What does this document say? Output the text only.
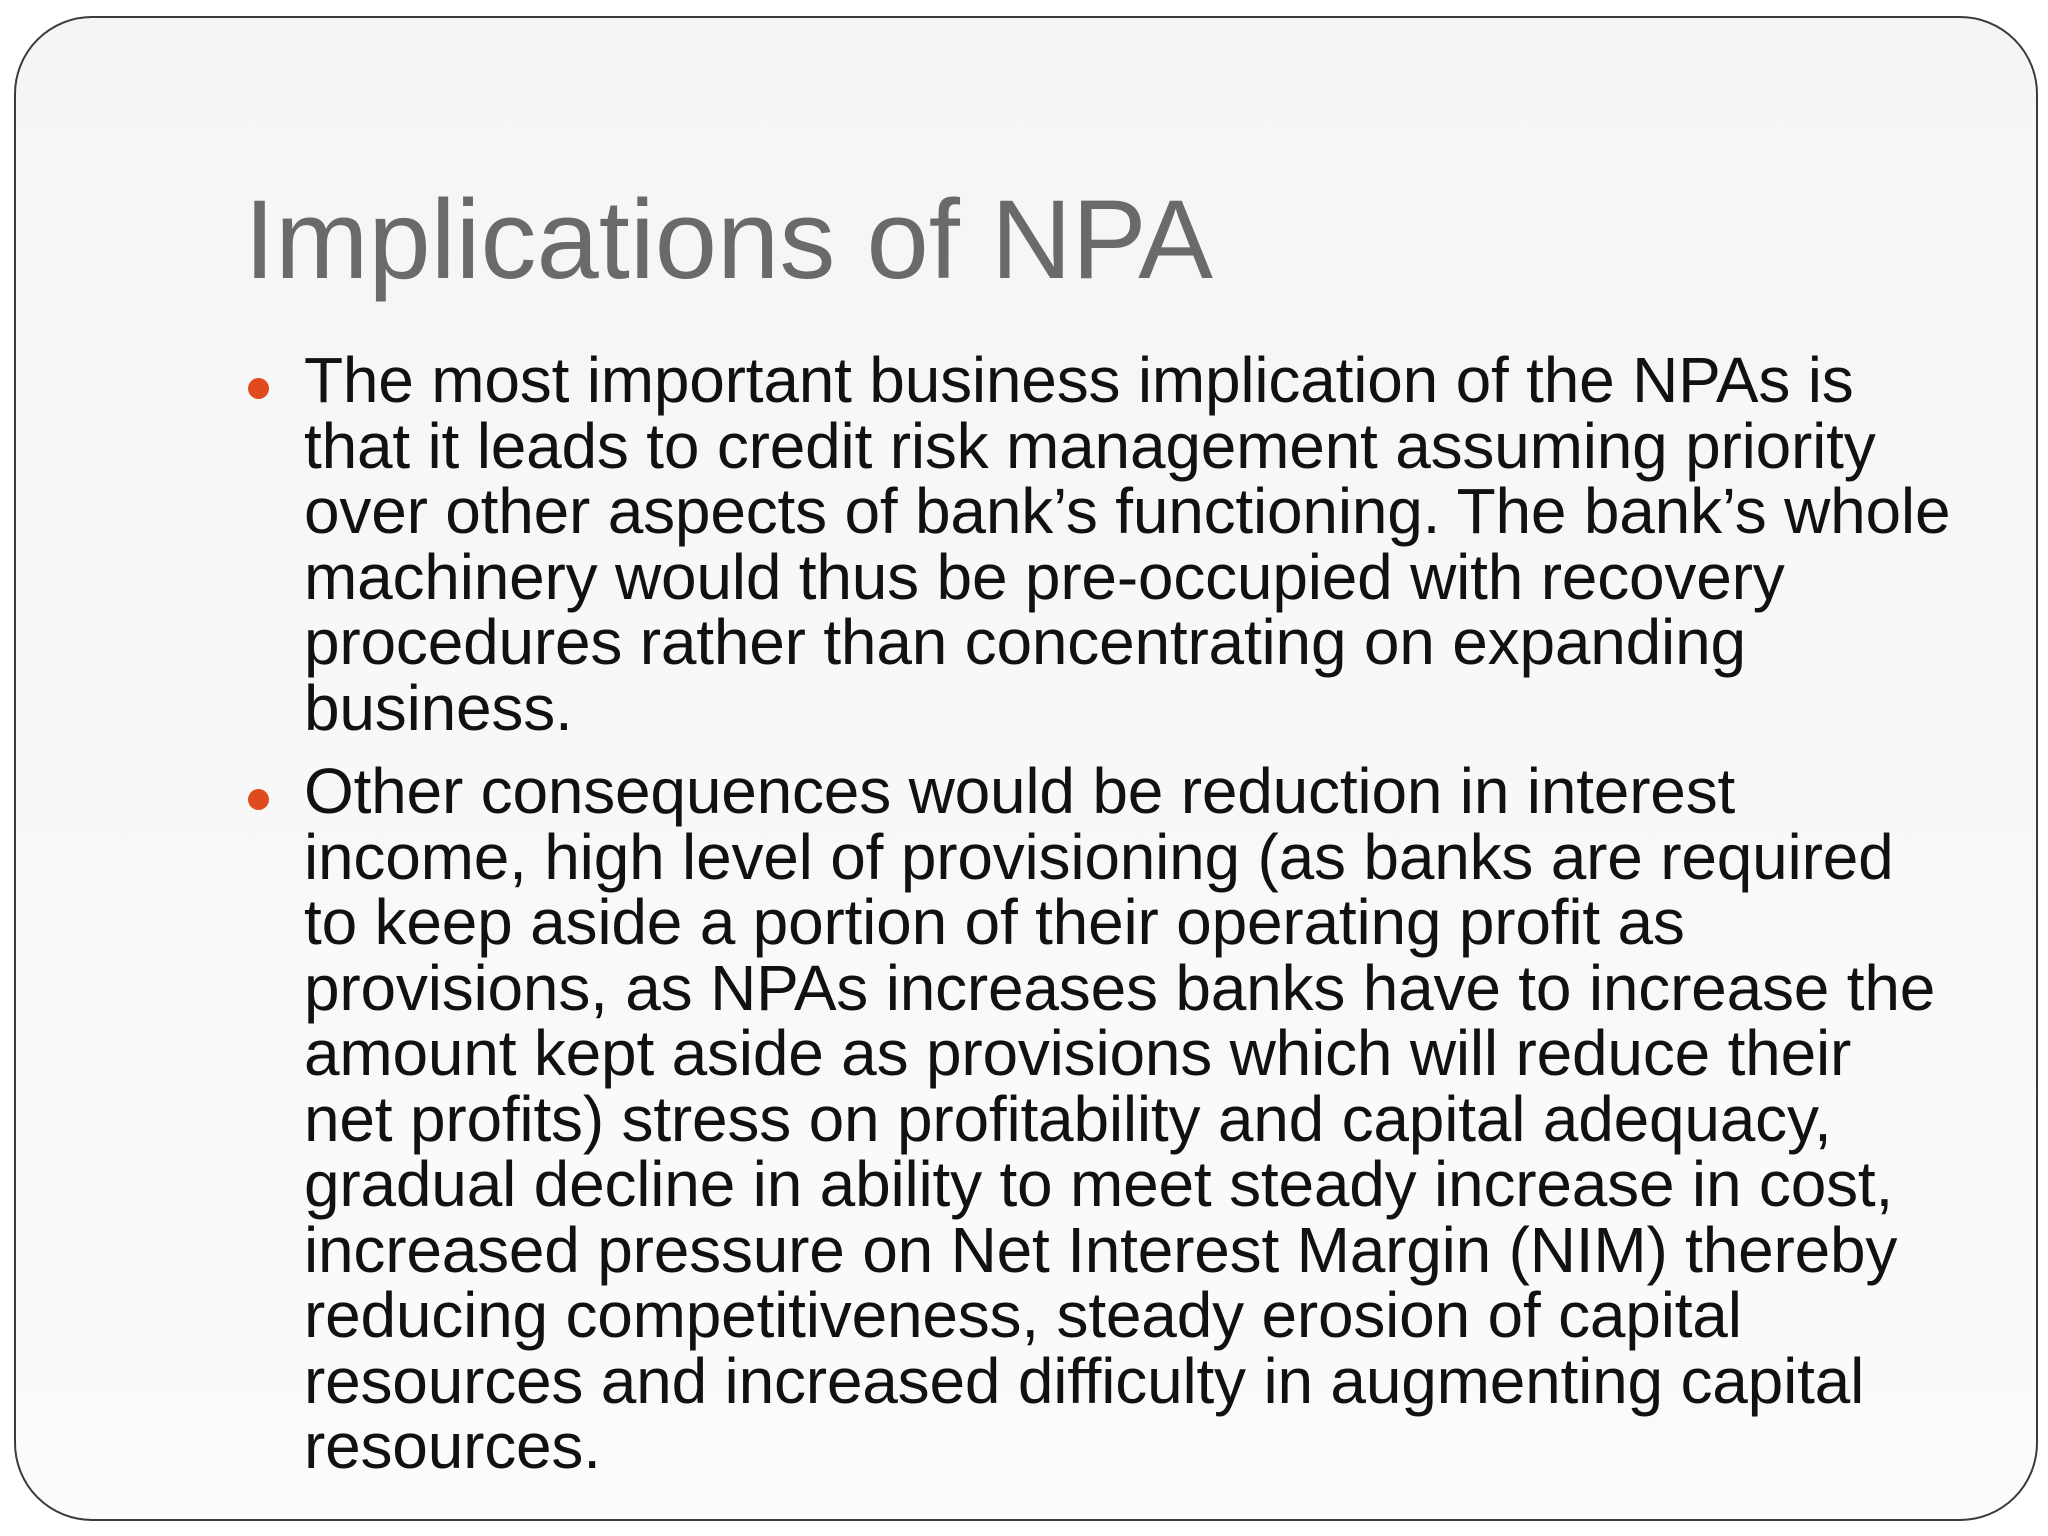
Implications of NPA
The most important business implication of the NPAs is that it leads to credit risk management assuming priority over other aspects of bank’s functioning. The bank’s whole machinery would thus be pre-occupied with recovery procedures rather than concentrating on expanding business.
Other consequences would be reduction in interest income, high level of provisioning (as banks are required to keep aside a portion of their operating profit as provisions, as NPAs increases banks have to increase the amount kept aside as provisions which will reduce their net profits) stress on profitability and capital adequacy, gradual decline in ability to meet steady increase in cost, increased pressure on Net Interest Margin (NIM) thereby reducing competitiveness, steady erosion of capital resources and increased difficulty in augmenting capital resources.
